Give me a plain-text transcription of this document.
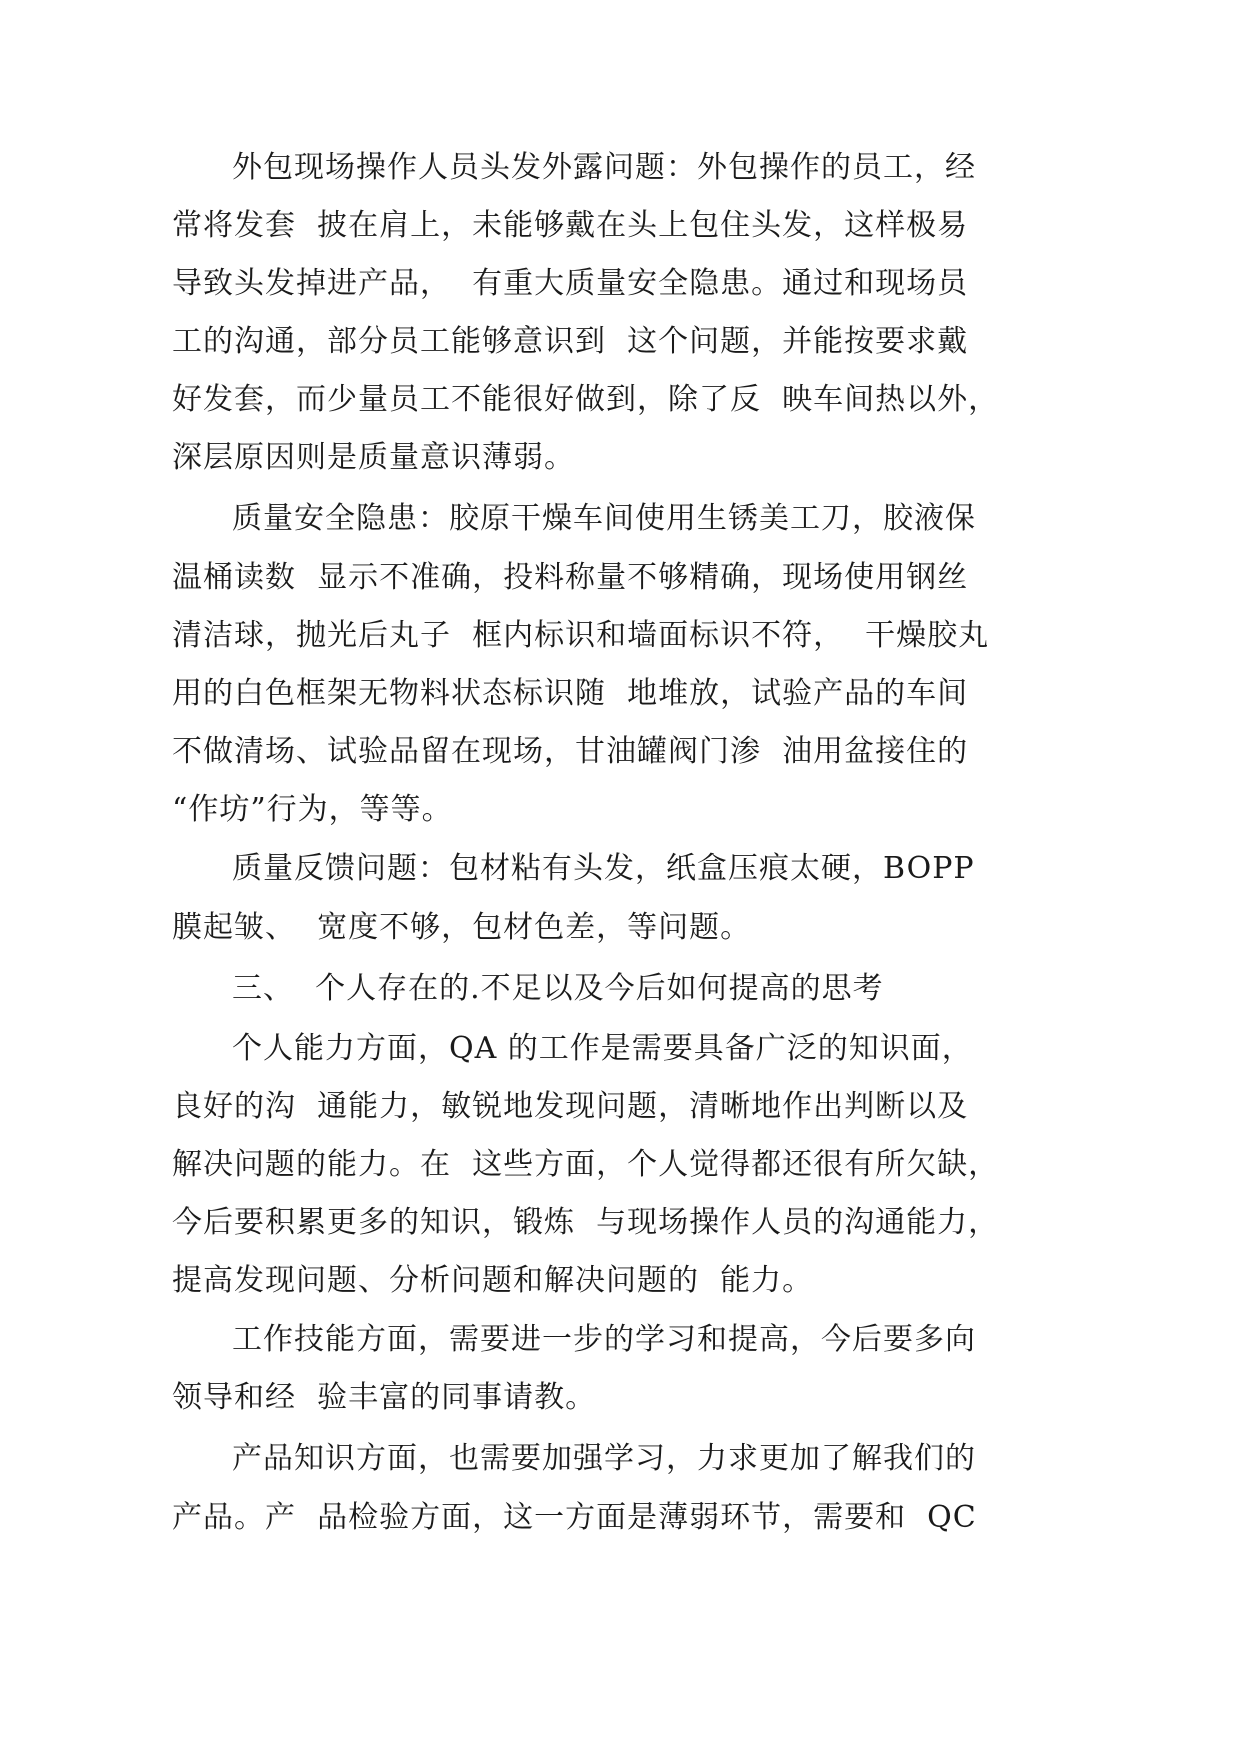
外包现场操作人员头发外露问题：外包操作的员工，经
常将发套  披在肩上，未能够戴在头上包住头发，这样极易
导致头发掉进产品，  有重大质量安全隐患。通过和现场员
工的沟通，部分员工能够意识到  这个问题，并能按要求戴
好发套，而少量员工不能很好做到，除了反  映车间热以外，
深层原因则是质量意识薄弱。
质量安全隐患：胶原干燥车间使用生锈美工刀，胶液保
温桶读数  显示不准确，投料称量不够精确，现场使用钢丝
清洁球，抛光后丸子  框内标识和墙面标识不符，  干燥胶丸
用的白色框架无物料状态标识随  地堆放，试验产品的车间
不做清场、试验品留在现场，甘油罐阀门渗  油用盆接住的
“作坊”行为，等等。
质量反馈问题：包材粘有头发，纸盒压痕太硬，BOPP
膜起皱、  宽度不够，包材色差，等问题。
三、  个人存在的.不足以及今后如何提高的思考
个人能力方面，QA 的工作是需要具备广泛的知识面，
良好的沟  通能力，敏锐地发现问题，清晰地作出判断以及
解决问题的能力。在  这些方面，个人觉得都还很有所欠缺，
今后要积累更多的知识，锻炼  与现场操作人员的沟通能力，
提高发现问题、分析问题和解决问题的  能力。
工作技能方面，需要进一步的学习和提高，今后要多向
领导和经  验丰富的同事请教。
产品知识方面，也需要加强学习，力求更加了解我们的
产品。产  品检验方面，这一方面是薄弱环节，需要和  QC
